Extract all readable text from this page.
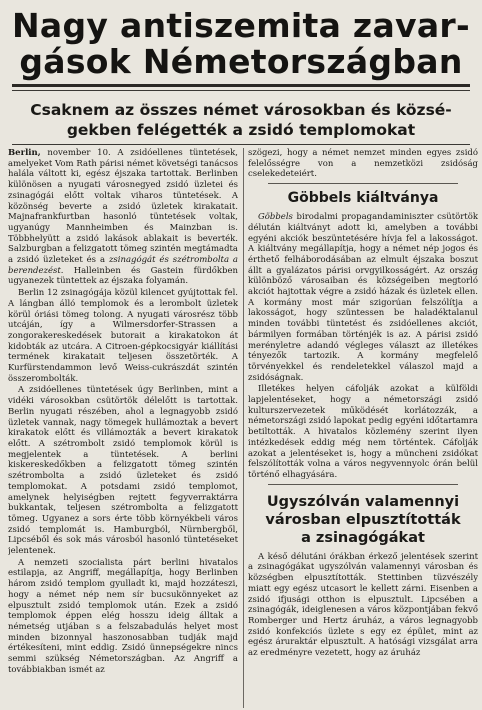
Nagy antiszemita zavar-
gások Németországban
Csaknem az összes német városokban és közsé-
gekben felégették a zsidó templomokat

Berlin, november 10. A zsidóellenes tüntetések, amelyeket Vom Rath párisi német követségi tanácsos halála váltott ki, egész éjszaka tartottak. Berlinben különösen a nyugati városnegyed zsidó üzletei és zsinagógái előtt voltak viharos tüntetések. A közönség beverte a zsidó üzletek kirakatait. Majnafrankfurtban hasonló tüntetések voltak, ugyanúgy Mannheimben és Mainzban is. Többhelyütt a zsidó lakások ablakait is beverték. Salzburgban a felizgatott tömeg szintén megtámadta a zsidó üzleteket és a zsinagógát és szétrombolta a berendezést. Halleinben és Gastein fürdőkben ugyanezek tüntettek az éjszaka folyamán.

Berlin 12 zsinagógája közül kilencet gyújtottak fel. A lángban álló templomok és a lerombolt üzletek körül óriási tömeg tolong. A nyugati városrész több utcáján, így a Wilmersdorfer-Strassen a zongorakereskedések butorait a kirakatokon át kidobták az utcára. A Citroen-gépkocsigyár kiállítási termének kirakatait teljesen összetörték. A Kurfürstendammon levő Weiss-cukrászdát szintén összerombolták.

A zsidóellenes tüntetések úgy Berlinben, mint a vidéki városokban csütörtök délelőtt is tartottak. Berlin nyugati részében, ahol a legnagyobb zsidó üzletek vannak, nagy tömegek hullámoztak a bevert kirakatok előtt és villámozták a bevert kirakatok előtt. A szétrombolt zsidó templomok körül is megjelentek a tüntetések. A berlini kiskereskedőkben a felizgatott tömeg szintén szétrombolta a zsidó üzleteket és zsidó templomokat. A potsdami zsidó templomot, amelynek helyiségben rejtett fegyverraktárra bukkantak, teljesen szétrombolta a felizgatott tömeg. Ugyanez a sors érte több környékbeli város zsidó templomát is. Hamburgból, Nürnbergből, Lipcséből és sok más városból hasonló tüntetéseket jelentenek.

A nemzeti szocialista párt berlini hivatalos estilapja, az Angriff, megállapítja, hogy Berlinben három zsidó templom gyulladt ki, majd hozzáteszi, hogy a német nép nem sír bucsukönnyeket az elpusztult zsidó templomok után. Ezek a zsidó templomok éppen elég hosszu ideig álltak a németség utjában s a felszabadulás helyet most minden bizonnyal haszonosabban tudják majd értékesíteni, mint eddig. Zsidó ünnepségekre nincs semmi szükség Németországban. Az Angriff a továbbiakban ismét az

szögezi, hogy a német nemzet minden egyes zsidó felelősségre von a nemzetközi zsidóság cselekedeteiért.

Göbbels kiáltványa

Göbbels birodalmi propagandaminiszter csütörtök délután kiáltványt adott ki, amelyben a további egyéni akciók beszüntetésére hívja fel a lakosságot. A kiáltvány megállapítja, hogy a német nép jogos és érthető felháborodásában az elmult éjszaka boszut állt a gyalázatos párisi orvgyilkosságért. Az ország különböző városaiban és községeiben megtorló akciót hajtottak végre a zsidó házak és üzletek ellen. A kormány most már szigorúan felszólítja a lakosságot, hogy szüntessen be haladéktalanul minden további tüntetést és zsidóellenes akciót, bármilyen formában történjék is az. A párisi zsidó merényletre adandó végleges választ az illetékes tényezők tartozik. A kormány megfelelő törvényekkel és rendeletekkel válaszol majd a zsidóságnak.

Illetékes helyen cáfolják azokat a külföldi lapjelentéseket, hogy a németországi zsidó kulturszervezetek működését korlátozzák, a németországi zsidó lapokat pedig egyéni időtartamra betiltották. A hivatalos közlemény szerint ilyen intézkedések eddig még nem történtek. Cáfolják azokat a jelentéseket is, hogy a müncheni zsidókat felszólították volna a város negyvennyolc órán belül történő elhagyására.

Ugyszólván valamennyi
városban elpusztították
a zsinagógákat

A késő délutáni órákban érkező jelentések szerint a zsinagógákat ugyszólván valamennyi városban és községben elpusztították. Stettinben tüzvészély miatt egy egész utcasort le kellett zárni. Eisenben a zsidó ifjusági otthon is elpusztult. Lipcsében a zsinagógák, ideiglenesen a város központjában fekvő Romberger und Hertz áruház, a város legnagyobb zsidó konfekciós üzlete s egy ez épület, mint az egész áruraktár elpusztult. A hatósági vizsgálat arra az eredményre vezetett, hogy az áruház
